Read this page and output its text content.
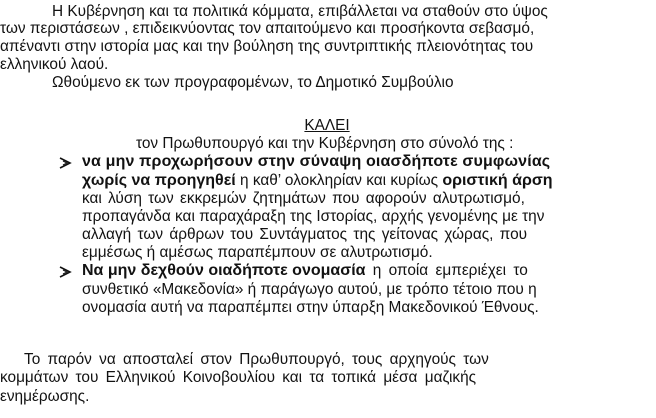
Η Κυβέρνηση και τα πολιτικά κόμματα, επιβάλλεται να σταθούν στο ύψος
των περιστάσεων , επιδεικνύοντας τον απαιτούμενο και πρoσήκοντα σεβασμό,
απέναντι στην ιστορία μας και την βούληση της συντριπτικής πλειονότητας του
ελληνικού λαού.
Ωθούμενο εκ των προγραφομένων, το Δημοτικό Συμβούλιο
ΚΑΛΕΙ
τον Πρωθυπουργό και την Κυβέρνηση στο σύνολό της :
να μην προχωρήσουν στην σύναψη οιασδήποτε συμφωνίας
χωρίς να προηγηθεί η καθ’ ολοκληρίαν και κυρίως οριστική άρση
και λύση των εκκρεμών ζητημάτων που αφορούν αλυτρωτισμό,
προπαγάνδα και παραχάραξη της Ιστορίας, αρχής γενομένης με την
αλλαγή των άρθρων του Συντάγματος της γείτονας χώρας, που
εμμέσως ή αμέσως παραπέμπουν σε αλυτρωτισμό.
Να μην δεχθούν οιαδήποτε ονομασία η οποία εμπεριέχει το
συνθετικό «Μακεδονία» ή παράγωγο αυτού, με τρόπο τέτοιο που η
ονομασία αυτή να παραπέμπει στην ύπαρξη Μακεδονικού Έθνους.
Το παρόν να αποσταλεί στον Πρωθυπουργό, τους αρχηγούς των
κομμάτων του Ελληνικού Κοινοβουλίου και τα τοπικά μέσα μαζικής
ενημέρωσης.
